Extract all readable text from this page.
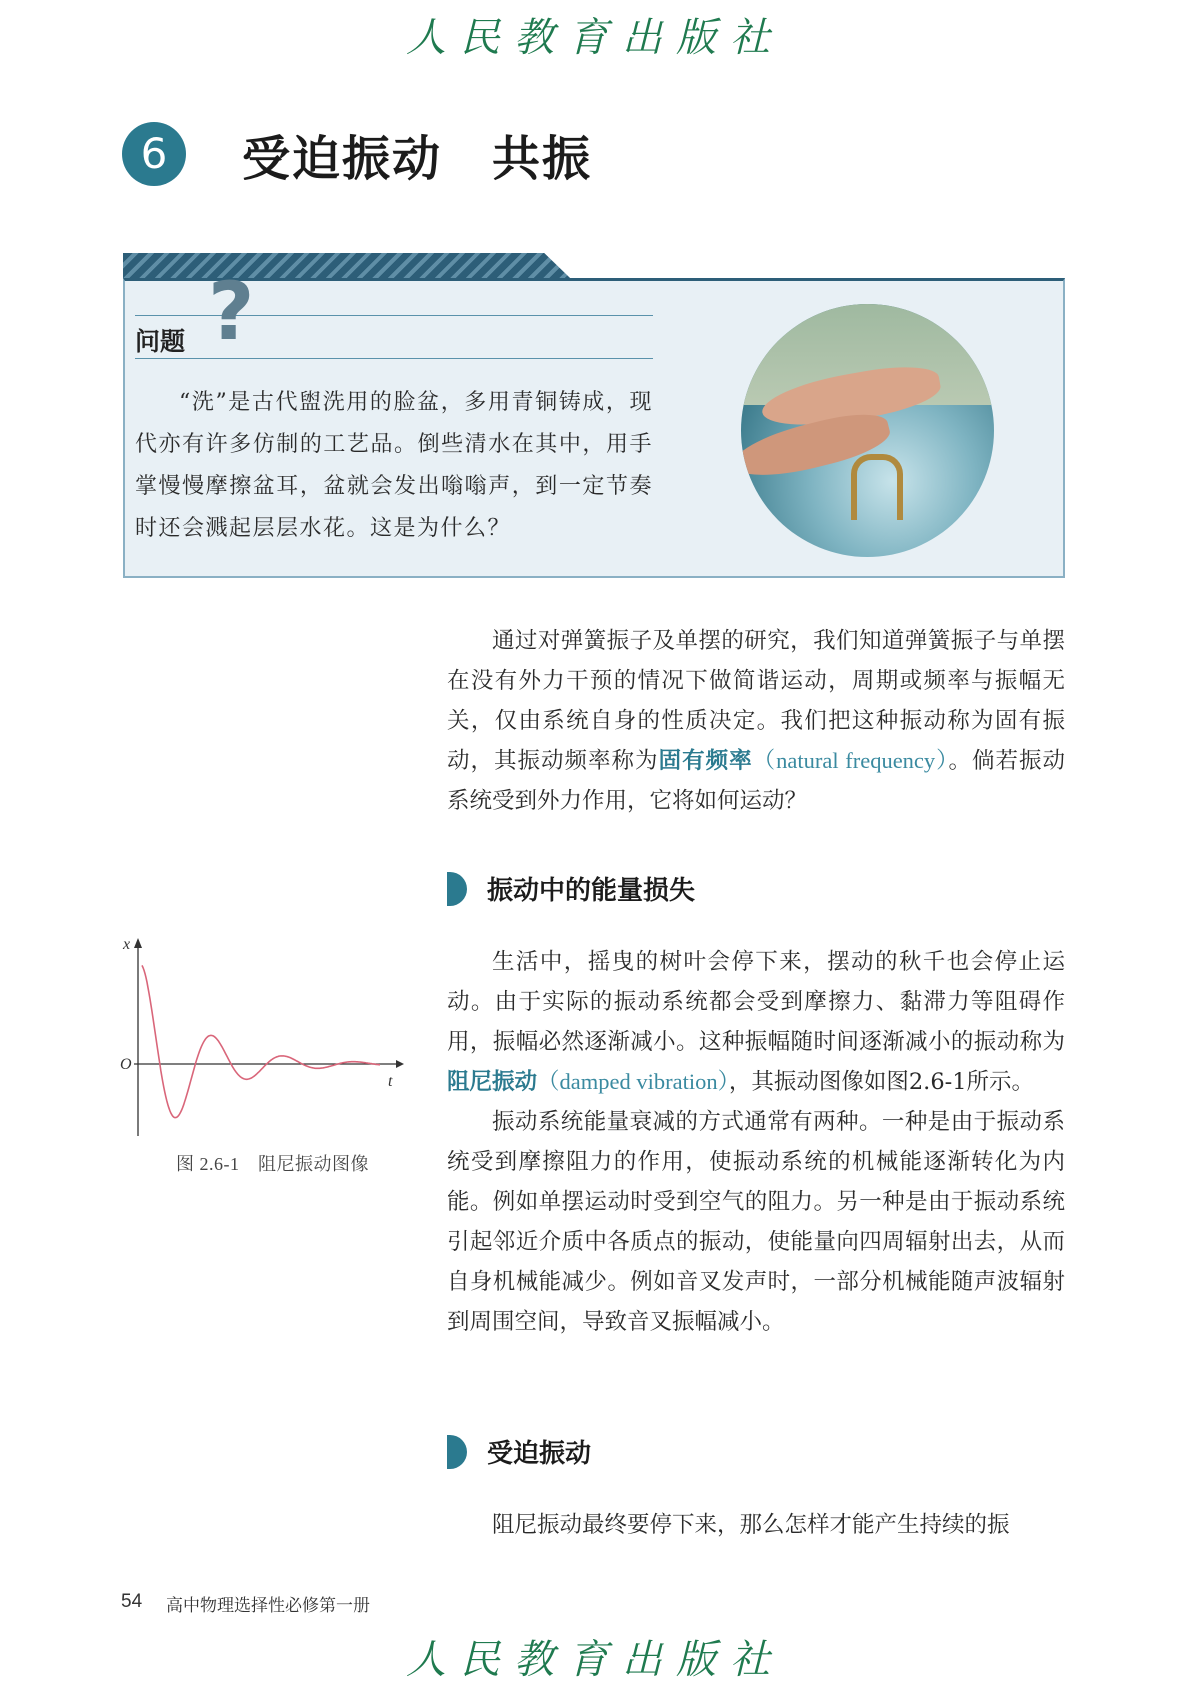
人民教育出版社
6	受迫振动　共振
问题 ?

“洗”是古代盥洗用的脸盆，多用青铜铸成，现代亦有许多仿制的工艺品。倒些清水在其中，用手掌慢慢摩擦盆耳，盆就会发出嗡嗡声，到一定节奏时还会溅起层层水花。这是为什么？

通过对弹簧振子及单摆的研究，我们知道弹簧振子与单摆在没有外力干预的情况下做简谐运动，周期或频率与振幅无关，仅由系统自身的性质决定。我们把这种振动称为固有振动，其振动频率称为固有频率（natural frequency）。倘若振动系统受到外力作用，它将如何运动？

振动中的能量损失
x
t
O
图 2.6-1　阻尼振动图像

生活中，摇曳的树叶会停下来，摆动的秋千也会停止运动。由于实际的振动系统都会受到摩擦力、黏滞力等阻碍作用，振幅必然逐渐减小。这种振幅随时间逐渐减小的振动称为阻尼振动（damped vibration），其振动图像如图2.6-1所示。

振动系统能量衰减的方式通常有两种。一种是由于振动系统受到摩擦阻力的作用，使振动系统的机械能逐渐转化为内能。例如单摆运动时受到空气的阻力。另一种是由于振动系统引起邻近介质中各质点的振动，使能量向四周辐射出去，从而自身机械能减少。例如音叉发声时，一部分机械能随声波辐射到周围空间，导致音叉振幅减小。

受迫振动

阻尼振动最终要停下来，那么怎样才能产生持续的振

54 高中物理选择性必修第一册
人民教育出版社
